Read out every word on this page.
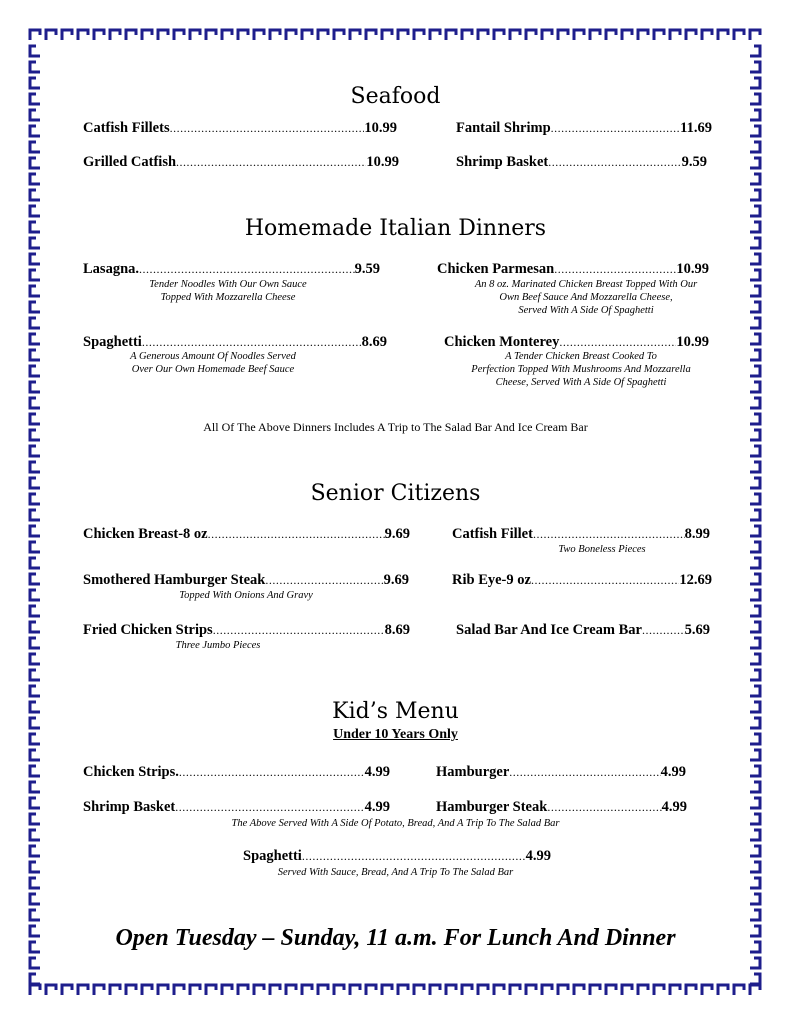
Seafood
Catfish Fillets .....	10.99	Fantail Shrimp .....	11.69
Grilled Catfish .....	10.99	Shrimp Basket .....	9.59
Homemade Italian Dinners
Lasagna. .....	9.59
Tender Noodles With Our Own Sauce
Topped With Mozzarella Cheese
Chicken Parmesan .....	10.99
An 8 oz. Marinated Chicken Breast Topped With Our
Own Beef Sauce And Mozzarella Cheese,
Served With A Side Of Spaghetti
Spaghetti .....	8.69
A Generous Amount Of Noodles Served
Over Our Own Homemade Beef Sauce
Chicken Monterey .....	10.99
A Tender Chicken Breast Cooked To
Perfection Topped With Mushrooms And Mozzarella
Cheese, Served With A Side Of Spaghetti
All Of The Above Dinners Includes A Trip to The Salad Bar And Ice Cream Bar
Senior Citizens
Chicken Breast-8 oz .....	9.69	Catfish Fillet .....	8.99
Two Boneless Pieces
Smothered Hamburger Steak .....	9.69
Topped With Onions And Gravy
Rib Eye-9 oz .....	12.69
Fried Chicken Strips .....	8.69
Three Jumbo Pieces
Salad Bar And Ice Cream Bar .....	5.69
Kid’s Menu
Under 10 Years Only
Chicken Strips. .....	4.99	Hamburger .....	4.99
Shrimp Basket .....	4.99	Hamburger Steak .....	4.99
The Above Served With A Side Of Potato, Bread, And A Trip To The Salad Bar
Spaghetti .....	4.99
Served With Sauce, Bread, And A Trip To The Salad Bar
Open Tuesday – Sunday, 11 a.m. For Lunch And Dinner
